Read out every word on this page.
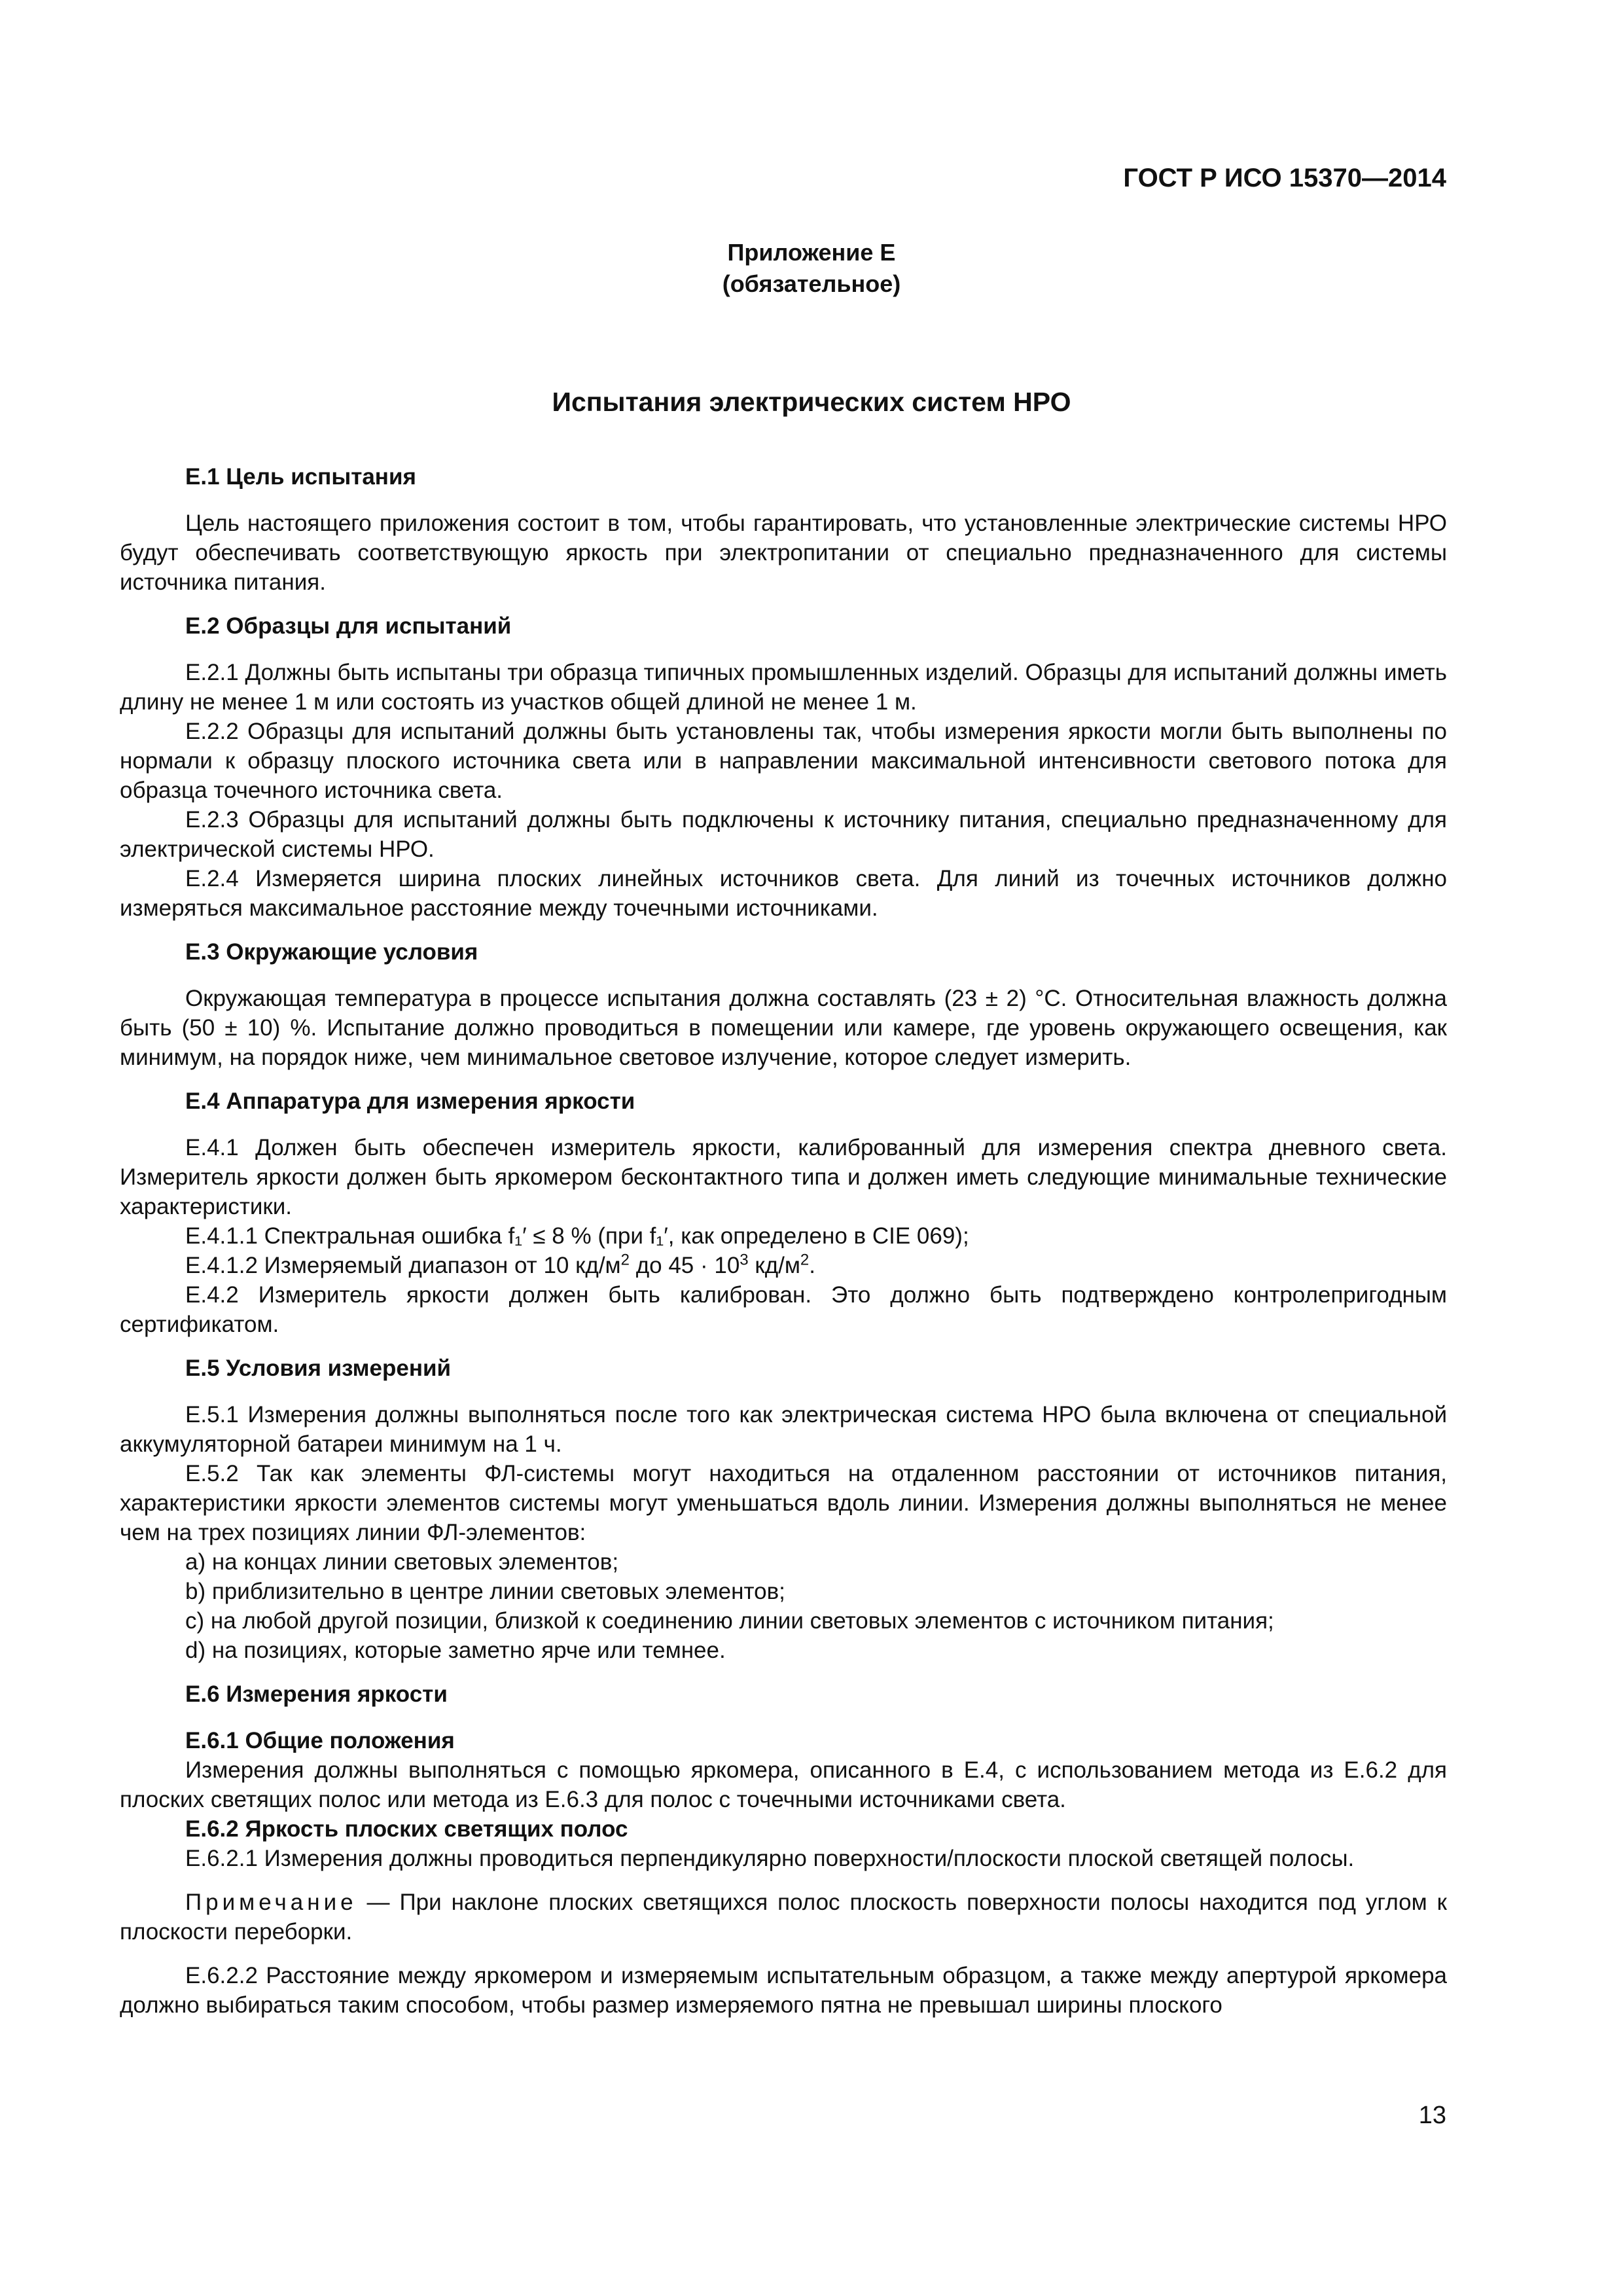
ГОСТ Р ИСО 15370—2014
Приложение Е
(обязательное)
Испытания электрических систем НРО

Е.1 Цель испытания

Цель настоящего приложения состоит в том, чтобы гарантировать, что установленные электрические системы НРО будут обеспечивать соответствующую яркость при электропитании от специально предназначенного для системы источника питания.

Е.2 Образцы для испытаний

Е.2.1 Должны быть испытаны три образца типичных промышленных изделий. Образцы для испытаний должны иметь длину не менее 1 м или состоять из участков общей длиной не менее 1 м.

Е.2.2 Образцы для испытаний должны быть установлены так, чтобы измерения яркости могли быть выполнены по нормали к образцу плоского источника света или в направлении максимальной интенсивности светового потока для образца точечного источника света.

Е.2.3 Образцы для испытаний должны быть подключены к источнику питания, специально предназначенному для электрической системы НРО.

Е.2.4 Измеряется ширина плоских линейных источников света. Для линий из точечных источников должно измеряться максимальное расстояние между точечными источниками.

Е.3 Окружающие условия

Окружающая температура в процессе испытания должна составлять (23 ± 2) °С. Относительная влажность должна быть (50 ± 10) %. Испытание должно проводиться в помещении или камере, где уровень окружающего освещения, как минимум, на порядок ниже, чем минимальное световое излучение, которое следует измерить.

Е.4 Аппаратура для измерения яркости

Е.4.1 Должен быть обеспечен измеритель яркости, калиброванный для измерения спектра дневного света. Измеритель яркости должен быть яркомером бесконтактного типа и должен иметь следующие минимальные технические характеристики.

Е.4.1.1 Спектральная ошибка f₁′ ≤ 8 % (при f₁′, как определено в CIE 069);

Е.4.1.2 Измеряемый диапазон от 10 $кд/м^2$ до $45 \cdot 10^3$ $кд/м^2$.

Е.4.2 Измеритель яркости должен быть калиброван. Это должно быть подтверждено контролепригодным сертификатом.

Е.5 Условия измерений

Е.5.1 Измерения должны выполняться после того как электрическая система НРО была включена от специальной аккумуляторной батареи минимум на 1 ч.

Е.5.2 Так как элементы ФЛ-системы могут находиться на отдаленном расстоянии от источников питания, характеристики яркости элементов системы могут уменьшаться вдоль линии. Измерения должны выполняться не менее чем на трех позициях линии ФЛ-элементов:

a) на концах линии световых элементов;

b) приблизительно в центре линии световых элементов;

c) на любой другой позиции, близкой к соединению линии световых элементов с источником питания;

d) на позициях, которые заметно ярче или темнее.

Е.6 Измерения яркости

Е.6.1 Общие положения

Измерения должны выполняться с помощью яркомера, описанного в Е.4, с использованием метода из Е.6.2 для плоских светящих полос или метода из Е.6.3 для полос с точечными источниками света.

Е.6.2 Яркость плоских светящих полос

Е.6.2.1 Измерения должны проводиться перпендикулярно поверхности/плоскости плоской светящей полосы.

Примечание — При наклоне плоских светящихся полос плоскость поверхности полосы находится под углом к плоскости переборки.

Е.6.2.2 Расстояние между яркомером и измеряемым испытательным образцом, а также между апертурой яркомера должно выбираться таким способом, чтобы размер измеряемого пятна не превышал ширины плоского

13
